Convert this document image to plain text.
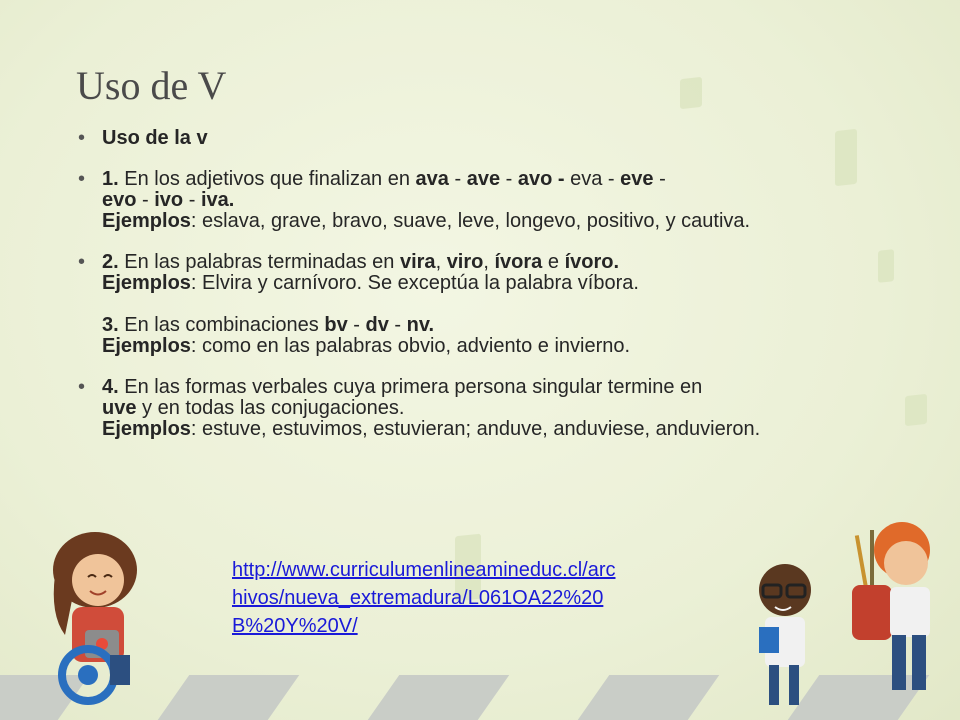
Uso de V
• Uso de la v
• 1. En los adjetivos que finalizan en ava - ave - avo - eva - eve -
evo - ivo - iva.
Ejemplos: eslava, grave, bravo, suave, leve, longevo, positivo, y cautiva.
• 2. En las palabras terminadas en vira, viro, ívora e ívoro.
Ejemplos: Elvira y carnívoro. Se exceptúa la palabra víbora.
3. En las combinaciones bv - dv - nv.
Ejemplos: como en las palabras obvio, adviento e invierno.
• 4. En las formas verbales cuya primera persona singular termine en
uve y en todas las conjugaciones.
Ejemplos: estuve, estuvimos, estuvieran; anduve, anduviese, anduvieron.
http://www.curriculumenlineamineduc.cl/arc
hivos/nueva_extremadura/L061OA22%20
B%20Y%20V/
